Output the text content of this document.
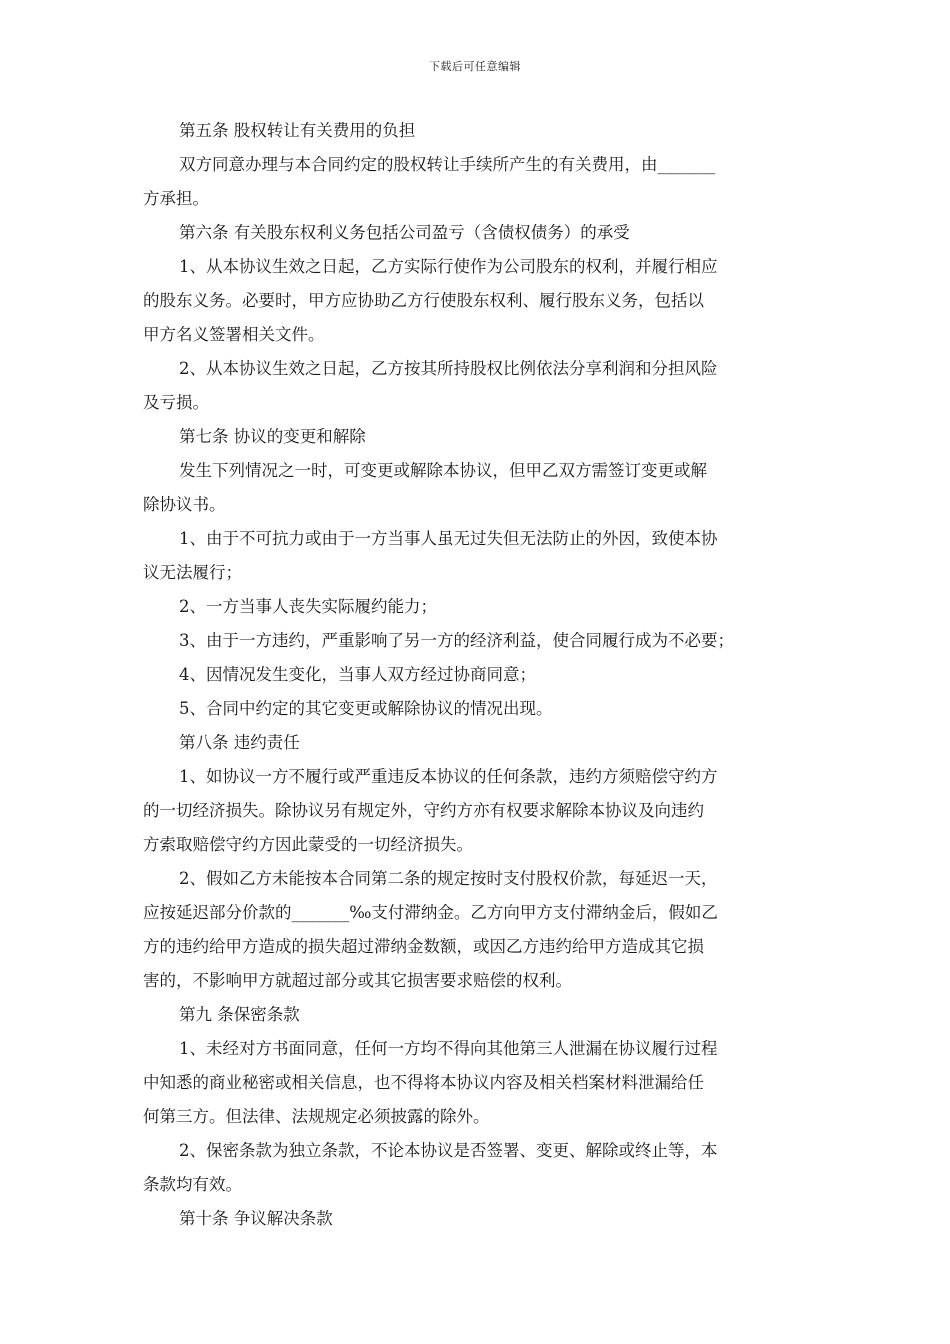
下载后可任意编辑
第五条 股权转让有关费用的负担
双方同意办理与本合同约定的股权转让手续所产生的有关费用，由_______
方承担。
第六条 有关股东权利义务包括公司盈亏（含债权债务）的承受
1、从本协议生效之日起，乙方实际行使作为公司股东的权利，并履行相应
的股东义务。必要时，甲方应协助乙方行使股东权利、履行股东义务，包括以
甲方名义签署相关文件。
2、从本协议生效之日起，乙方按其所持股权比例依法分享利润和分担风险
及亏损。
第七条 协议的变更和解除
发生下列情况之一时，可变更或解除本协议，但甲乙双方需签订变更或解
除协议书。
1、由于不可抗力或由于一方当事人虽无过失但无法防止的外因，致使本协
议无法履行；
2、一方当事人丧失实际履约能力；
3、由于一方违约，严重影响了另一方的经济利益，使合同履行成为不必要；
4、因情况发生变化，当事人双方经过协商同意；
5、合同中约定的其它变更或解除协议的情况出现。
第八条 违约责任
1、如协议一方不履行或严重违反本协议的任何条款，违约方须赔偿守约方
的一切经济损失。除协议另有规定外，守约方亦有权要求解除本协议及向违约
方索取赔偿守约方因此蒙受的一切经济损失。
2、假如乙方未能按本合同第二条的规定按时支付股权价款，每延迟一天，
应按延迟部分价款的_______‰支付滞纳金。乙方向甲方支付滞纳金后，假如乙
方的违约给甲方造成的损失超过滞纳金数额，或因乙方违约给甲方造成其它损
害的，不影响甲方就超过部分或其它损害要求赔偿的权利。
第九 条保密条款
1、未经对方书面同意，任何一方均不得向其他第三人泄漏在协议履行过程
中知悉的商业秘密或相关信息，也不得将本协议内容及相关档案材料泄漏给任
何第三方。但法律、法规规定必须披露的除外。
2、保密条款为独立条款，不论本协议是否签署、变更、解除或终止等，本
条款均有效。
第十条 争议解决条款
